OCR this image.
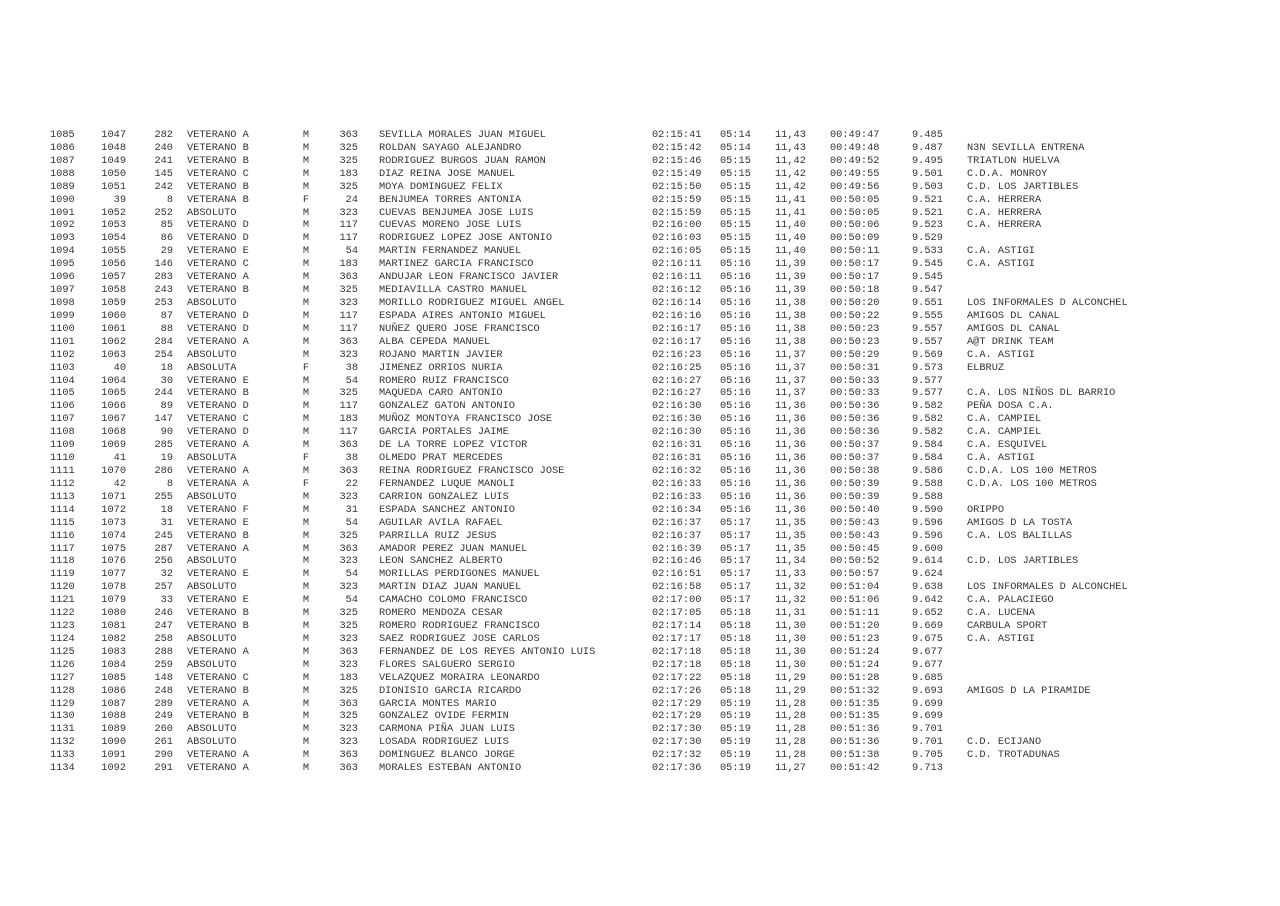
1085	1047	282 VETERANO A	M	363 SEVILLA MORALES JUAN MIGUEL	02:15:41 05:14 11,43 00:49:47	9.485
1086	1048	240 VETERANO B	M	325 ROLDAN SAYAGO ALEJANDRO	02:15:42 05:14 11,43 00:49:48	9.487 N3N SEVILLA ENTRENA
1087	1049	241 VETERANO B	M	325 RODRIGUEZ BURGOS JUAN RAMON	02:15:46 05:15 11,42 00:49:52	9.495 TRIATLON HUELVA
1088	1050	145 VETERANO C	M	183 DIAZ REINA JOSE MANUEL	02:15:49 05:15 11,42 00:49:55	9.501 C.D.A. MONROY
1089	1051	242 VETERANO B	M	325 MOYA DOMINGUEZ FELIX	02:15:50 05:15 11,42 00:49:56	9.503 C.D. LOS JARTIBLES
1090	39	8 VETERANA B	F	24 BENJUMEA TORRES ANTONIA	02:15:59 05:15 11,41 00:50:05	9.521 C.A. HERRERA
1091	1052	252 ABSOLUTO	M	323 CUEVAS BENJUMEA JOSE LUIS	02:15:59 05:15 11,41 00:50:05	9.521 C.A. HERRERA
1092	1053	85 VETERANO D	M	117 CUEVAS MORENO JOSE LUIS	02:16:00 05:15 11,40 00:50:06	9.523 C.A. HERRERA
1093	1054	86 VETERANO D	M	117 RODRIGUEZ LOPEZ JOSE ANTONIO	02:16:03 05:15 11,40 00:50:09	9.529
1094	1055	29 VETERANO E	M	54 MARTIN FERNANDEZ MANUEL	02:16:05 05:15 11,40 00:50:11	9.533 C.A. ASTIGI
1095	1056	146 VETERANO C	M	183 MARTINEZ GARCIA FRANCISCO	02:16:11 05:16 11,39 00:50:17	9.545 C.A. ASTIGI
1096	1057	283 VETERANO A	M	363 ANDUJAR LEON FRANCISCO JAVIER	02:16:11 05:16 11,39 00:50:17	9.545
1097	1058	243 VETERANO B	M	325 MEDIAVILLA CASTRO MANUEL	02:16:12 05:16 11,39 00:50:18	9.547
1098	1059	253 ABSOLUTO	M	323 MORILLO RODRIGUEZ MIGUEL ANGEL	02:16:14 05:16 11,38 00:50:20	9.551 LOS INFORMALES D ALCONCHEL
1099	1060	87 VETERANO D	M	117 ESPADA AIRES ANTONIO MIGUEL	02:16:16 05:16 11,38 00:50:22	9.555 AMIGOS DL CANAL
1100	1061	88 VETERANO D	M	117 NUÑEZ QUERO JOSE FRANCISCO	02:16:17 05:16 11,38 00:50:23	9.557 AMIGOS DL CANAL
1101	1062	284 VETERANO A	M	363 ALBA CEPEDA MANUEL	02:16:17 05:16 11,38 00:50:23	9.557 A@T DRINK TEAM
1102	1063	254 ABSOLUTO	M	323 ROJANO MARTIN JAVIER	02:16:23 05:16 11,37 00:50:29	9.569 C.A. ASTIGI
1103	40	18 ABSOLUTA	F	38 JIMENEZ ORRIOS NURIA	02:16:25 05:16 11,37 00:50:31	9.573 ELBRUZ
1104	1064	30 VETERANO E	M	54 ROMERO RUIZ FRANCISCO	02:16:27 05:16 11,37 00:50:33	9.577
1105	1065	244 VETERANO B	M	325 MAQUEDA CARO ANTONIO	02:16:27 05:16 11,37 00:50:33	9.577 C.A. LOS NIÑOS DL BARRIO
1106	1066	89 VETERANO D	M	117 GONZALEZ GATON ANTONIO	02:16:30 05:16 11,36 00:50:36	9.582 PEÑA DOSA C.A.
1107	1067	147 VETERANO C	M	183 MUÑOZ MONTOYA FRANCISCO JOSE	02:16:30 05:16 11,36 00:50:36	9.582 C.A. CAMPIEL
1108	1068	90 VETERANO D	M	117 GARCIA PORTALES JAIME	02:16:30 05:16 11,36 00:50:36	9.582 C.A. CAMPIEL
1109	1069	285 VETERANO A	M	363 DE LA TORRE LOPEZ VICTOR	02:16:31 05:16 11,36 00:50:37	9.584 C.A. ESQUIVEL
1110	41	19 ABSOLUTA	F	38 OLMEDO PRAT MERCEDES	02:16:31 05:16 11,36 00:50:37	9.584 C.A. ASTIGI
1111	1070	286 VETERANO A	M	363 REINA RODRIGUEZ FRANCISCO JOSE	02:16:32 05:16 11,36 00:50:38	9.586 C.D.A. LOS 100 METROS
1112	42	8 VETERANA A	F	22 FERNANDEZ LUQUE MANOLI	02:16:33 05:16 11,36 00:50:39	9.588 C.D.A. LOS 100 METROS
1113	1071	255 ABSOLUTO	M	323 CARRION GONZALEZ LUIS	02:16:33 05:16 11,36 00:50:39	9.588
1114	1072	18 VETERANO F	M	31 ESPADA SANCHEZ ANTONIO	02:16:34 05:16 11,36 00:50:40	9.590 ORIPPO
1115	1073	31 VETERANO E	M	54 AGUILAR AVILA RAFAEL	02:16:37 05:17 11,35 00:50:43	9.596 AMIGOS D LA TOSTA
1116	1074	245 VETERANO B	M	325 PARRILLA RUIZ JESUS	02:16:37 05:17 11,35 00:50:43	9.596 C.A. LOS BALILLAS
1117	1075	287 VETERANO A	M	363 AMADOR PEREZ JUAN MANUEL	02:16:39 05:17 11,35 00:50:45	9.600
1118	1076	256 ABSOLUTO	M	323 LEON SANCHEZ ALBERTO	02:16:46 05:17 11,34 00:50:52	9.614 C.D. LOS JARTIBLES
1119	1077	32 VETERANO E	M	54 MORILLAS PERDIGONES MANUEL	02:16:51 05:17 11,33 00:50:57	9.624
1120	1078	257 ABSOLUTO	M	323 MARTIN DIAZ JUAN MANUEL	02:16:58 05:17 11,32 00:51:04	9.638 LOS INFORMALES D ALCONCHEL
1121	1079	33 VETERANO E	M	54 CAMACHO COLOMO FRANCISCO	02:17:00 05:17 11,32 00:51:06	9.642 C.A. PALACIEGO
1122	1080	246 VETERANO B	M	325 ROMERO MENDOZA CESAR	02:17:05 05:18 11,31 00:51:11	9.652 C.A. LUCENA
1123	1081	247 VETERANO B	M	325 ROMERO RODRIGUEZ FRANCISCO	02:17:14 05:18 11,30 00:51:20	9.669 CARBULA SPORT
1124	1082	258 ABSOLUTO	M	323 SAEZ RODRIGUEZ JOSE CARLOS	02:17:17 05:18 11,30 00:51:23	9.675 C.A. ASTIGI
1125	1083	288 VETERANO A	M	363 FERNANDEZ DE LOS REYES ANTONIO LUIS	02:17:18 05:18 11,30 00:51:24	9.677
1126	1084	259 ABSOLUTO	M	323 FLORES SALGUERO SERGIO	02:17:18 05:18 11,30 00:51:24	9.677
1127	1085	148 VETERANO C	M	183 VELAZQUEZ MORAIRA LEONARDO	02:17:22 05:18 11,29 00:51:28	9.685
1128	1086	248 VETERANO B	M	325 DIONISIO GARCIA RICARDO	02:17:26 05:18 11,29 00:51:32	9.693 AMIGOS D LA PIRAMIDE
1129	1087	289 VETERANO A	M	363 GARCIA MONTES MARIO	02:17:29 05:19 11,28 00:51:35	9.699
1130	1088	249 VETERANO B	M	325 GONZALEZ OVIDE FERMIN	02:17:29 05:19 11,28 00:51:35	9.699
1131	1089	260 ABSOLUTO	M	323 CARMONA PIÑA JUAN LUIS	02:17:30 05:19 11,28 00:51:36	9.701
1132	1090	261 ABSOLUTO	M	323 LOSADA RODRIGUEZ LUIS	02:17:30 05:19 11,28 00:51:36	9.701 C.D. ECIJANO
1133	1091	290 VETERANO A	M	363 DOMINGUEZ BLANCO JORGE	02:17:32 05:19 11,28 00:51:38	9.705 C.D. TROTADUNAS
1134	1092	291 VETERANO A	M	363 MORALES ESTEBAN ANTONIO	02:17:36 05:19 11,27 00:51:42	9.713
